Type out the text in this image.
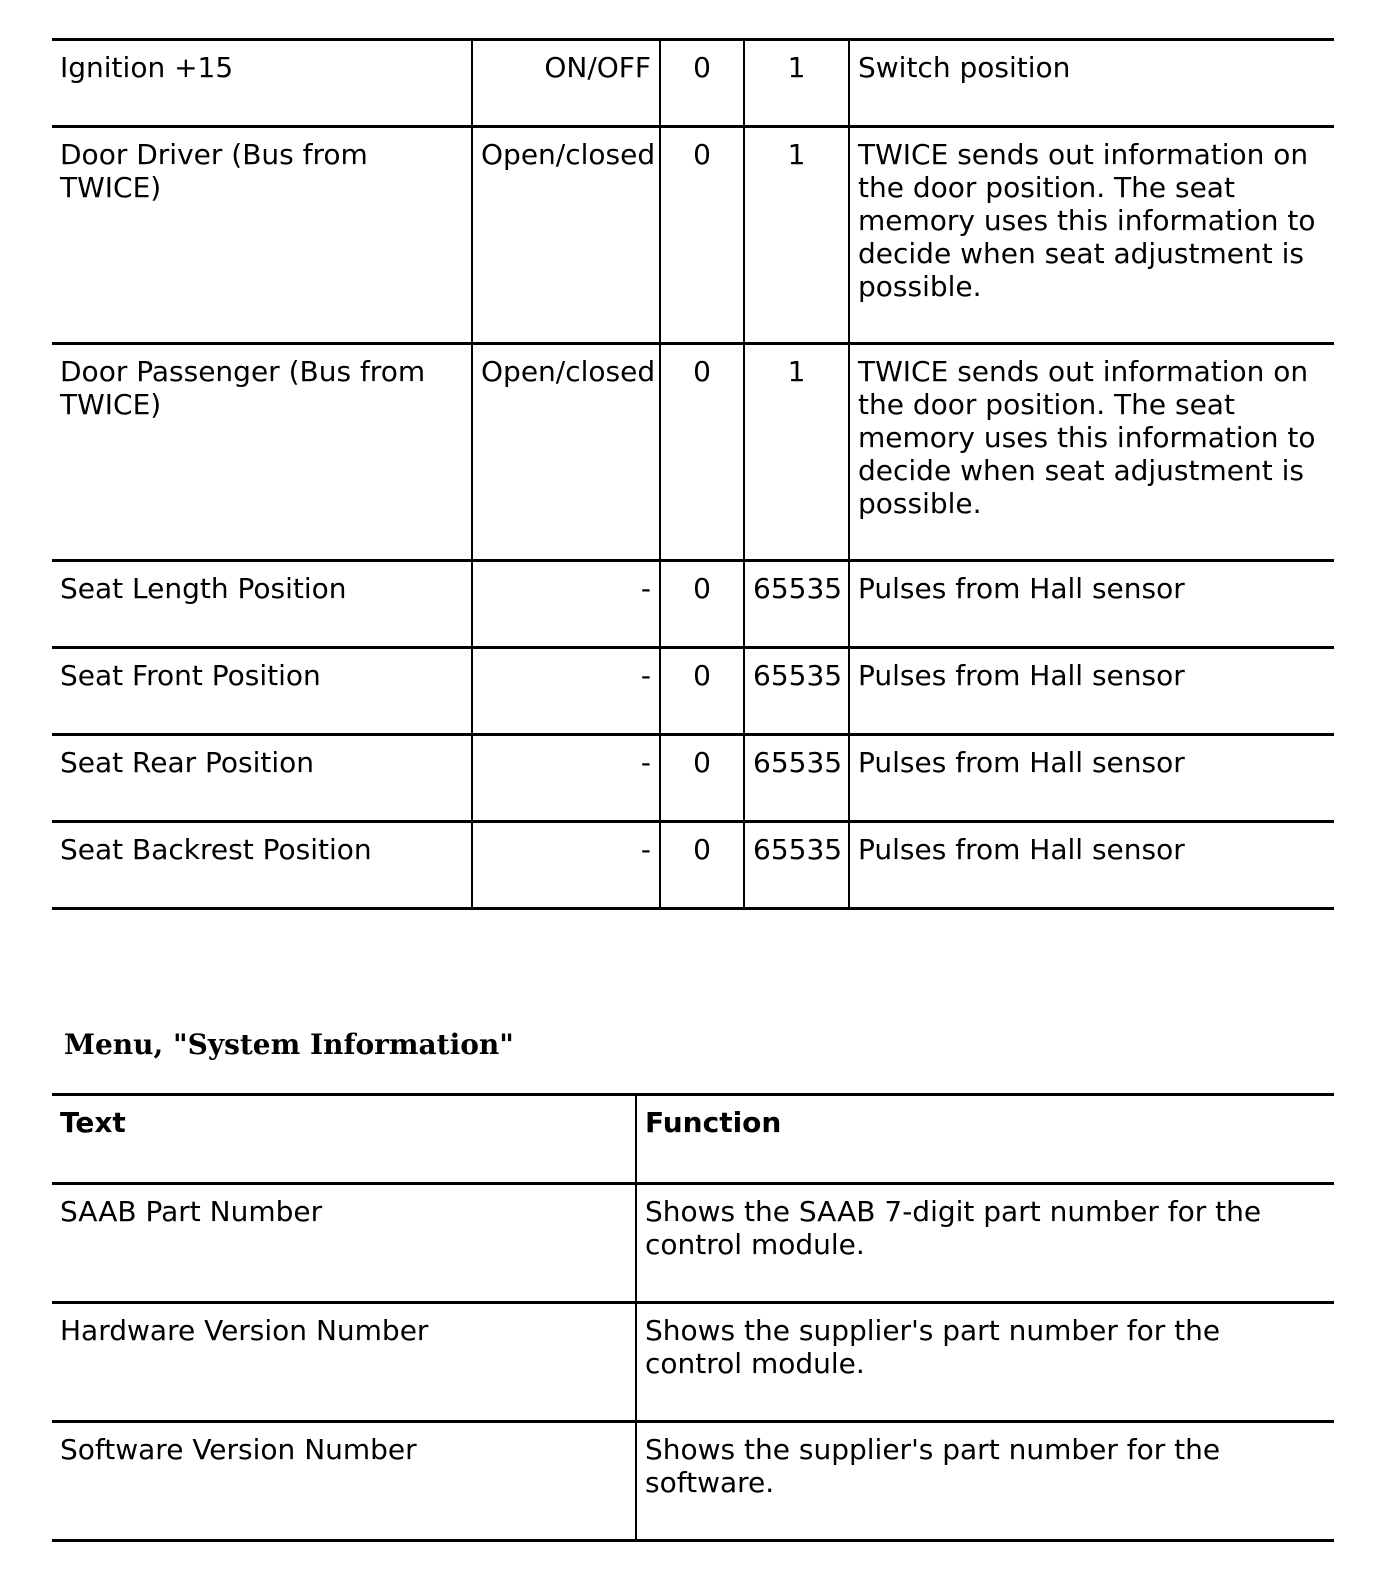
Ignition +15	ON/OFF	0	1	Switch position

Door Driver (Bus from TWICE)	Open/closed	0	1	TWICE sends out information on the door position. The seat memory uses this information to decide when seat adjustment is possible.

Door Passenger (Bus from TWICE)	Open/closed	0	1	TWICE sends out information on the door position. The seat memory uses this information to decide when seat adjustment is possible.

Seat Length Position	-	0	65535	Pulses from Hall sensor

Seat Front Position	-	0	65535	Pulses from Hall sensor

Seat Rear Position	-	0	65535	Pulses from Hall sensor

Seat Backrest Position	-	0	65535	Pulses from Hall sensor
Menu, "System Information"
Text	Function

SAAB Part Number	Shows the SAAB 7-digit part number for the control module.

Hardware Version Number	Shows the supplier's part number for the control module.

Software Version Number	Shows the supplier's part number for the software.
